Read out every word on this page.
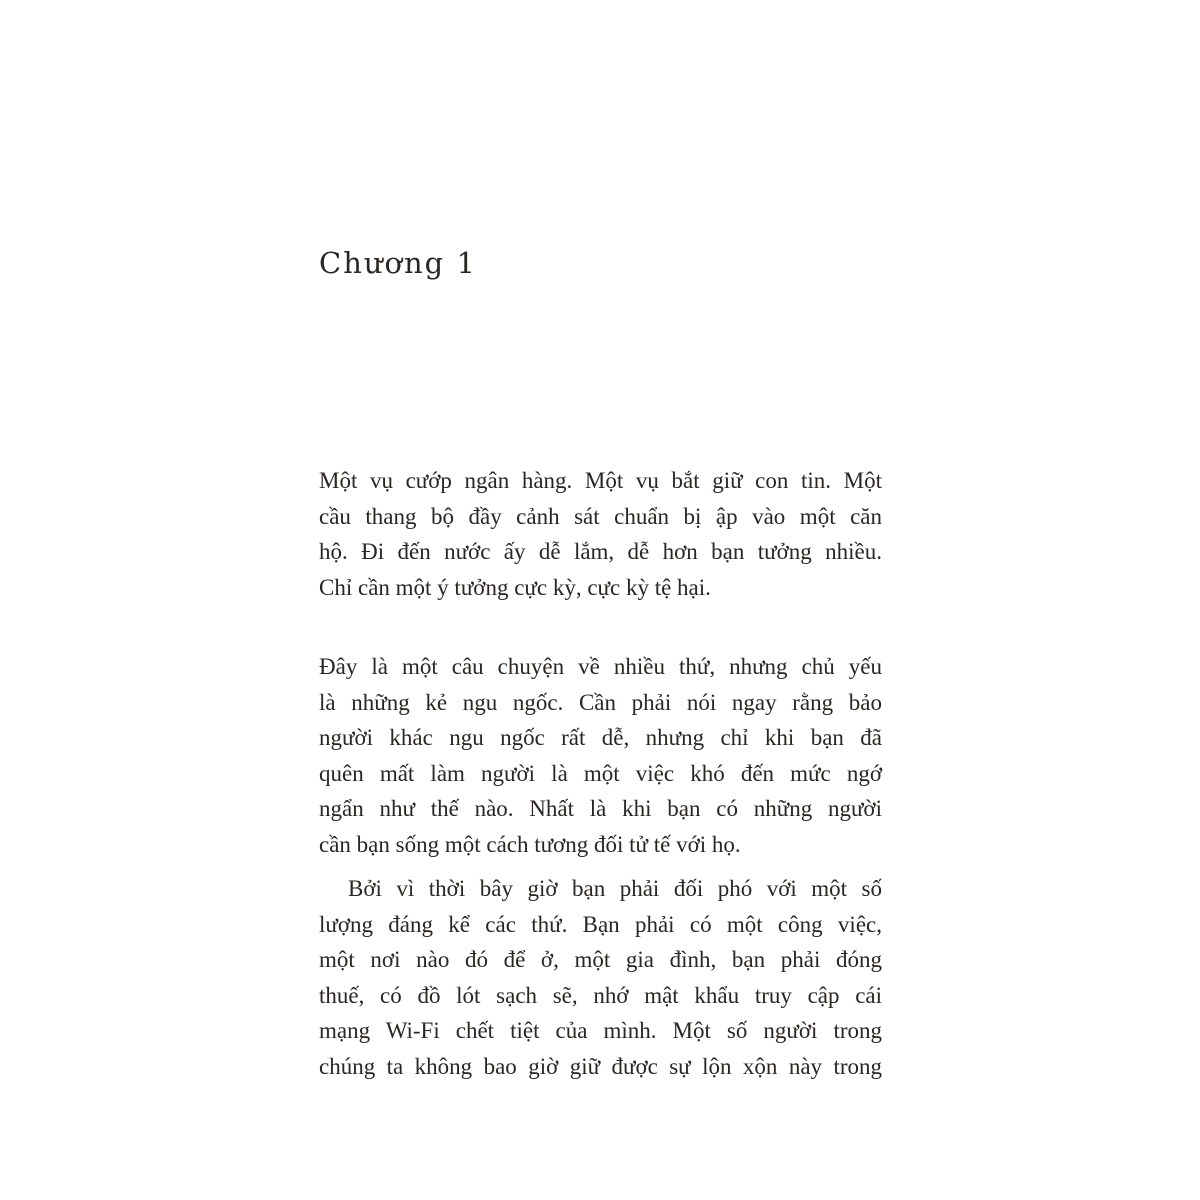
Chương 1
Một vụ cướp ngân hàng. Một vụ bắt giữ con tin. Một
cầu thang bộ đầy cảnh sát chuẩn bị ập vào một căn
hộ. Đi đến nước ấy dễ lắm, dễ hơn bạn tưởng nhiều.
Chỉ cần một ý tưởng cực kỳ, cực kỳ tệ hại.
Đây là một câu chuyện về nhiều thứ, nhưng chủ yếu
là những kẻ ngu ngốc. Cần phải nói ngay rằng bảo
người khác ngu ngốc rất dễ, nhưng chỉ khi bạn đã
quên mất làm người là một việc khó đến mức ngớ
ngẩn như thế nào. Nhất là khi bạn có những người
cần bạn sống một cách tương đối tử tế với họ.
Bởi vì thời bây giờ bạn phải đối phó với một số
lượng đáng kể các thứ. Bạn phải có một công việc,
một nơi nào đó để ở, một gia đình, bạn phải đóng
thuế, có đồ lót sạch sẽ, nhớ mật khẩu truy cập cái
mạng Wi-Fi chết tiệt của mình. Một số người trong
chúng ta không bao giờ giữ được sự lộn xộn này trong
